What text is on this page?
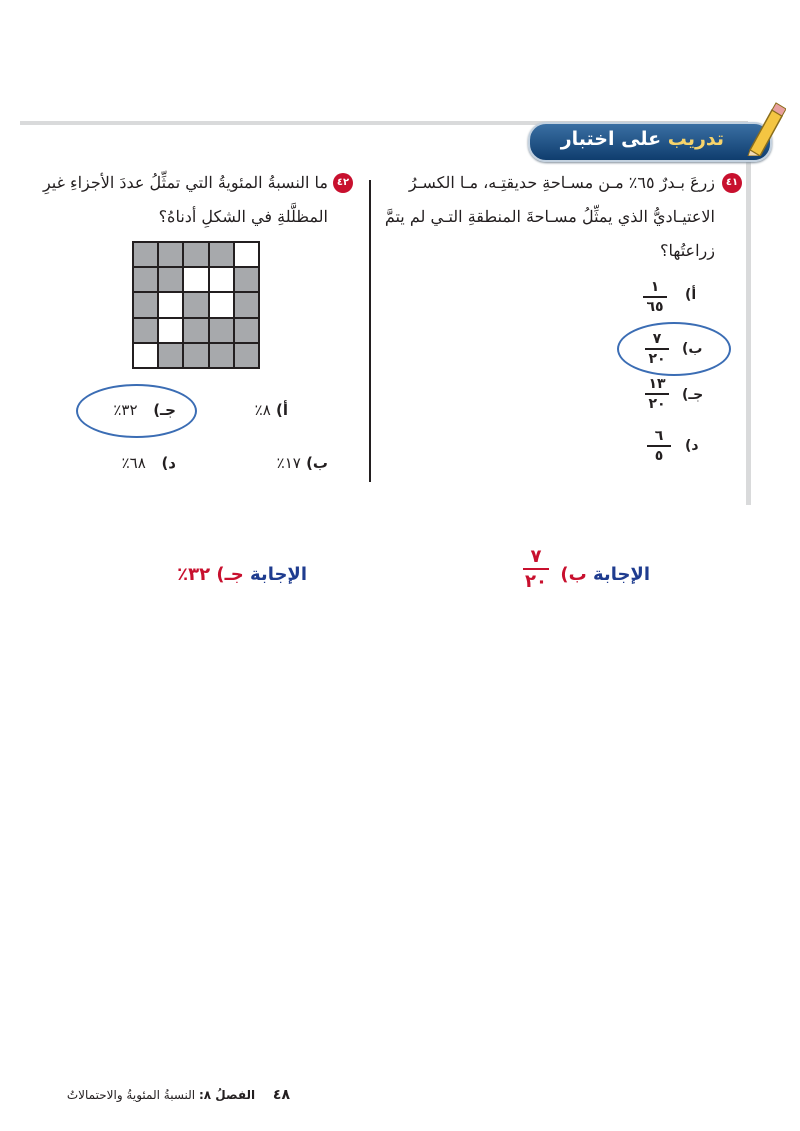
تدريب على اختبار
٤١
زرعَ بـدرٌ ٦٥٪ مـن مسـاحةِ حديقتِـه، مـا الكسـرُ الاعتيـاديُّ الذي يمثِّلُ مسـاحةَ المنطقةِ التـي لم يتمَّ زراعتُها؟
أ)
١
٦٥
ب)
٧
٢٠
جـ)
١٣
٢٠
د)
٦
٥
٤٢
ما النسبةُ المئويةُ التي تمثِّلُ عددَ الأجزاءِ غيرِ المظلَّلةِ في الشكلِ أدناهُ؟
أ) ٨٪
ب) ١٧٪
جـ)   ٣٢٪
د)   ٦٨٪
الإجابة ب)
٧
٢٠
الإجابة جـ) ٣٢٪
٤٨ الفصلُ ٨: النسبةُ المئويةُ والاحتمالاتُ
